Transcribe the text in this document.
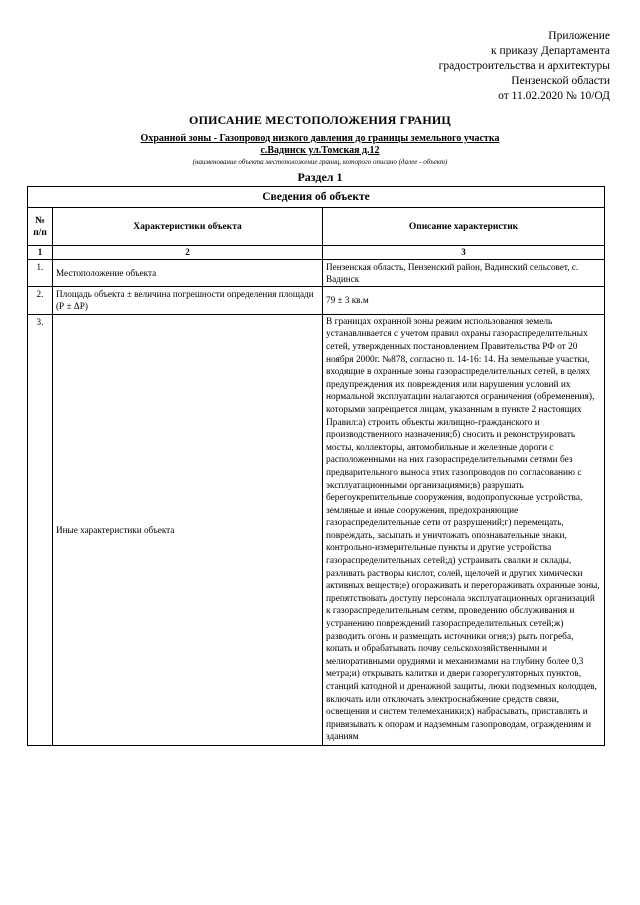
Приложение
к приказу Департамента
градостроительства и архитектуры
Пензенской области
от 11.02.2020 № 10/ОД
ОПИСАНИЕ МЕСТОПОЛОЖЕНИЯ ГРАНИЦ
Охранной зоны - Газопровод низкого давления до границы земельного участка
с.Вадинск ул.Томская д.12
(наименование объекта местоположение границ, которого описано (далее - объект)
Раздел 1
Сведения об объекте		
№ п/п	Характеристики объекта	Описание характеристик
1	2	3
1.	Местоположение объекта	Пензенская область, Пензенский район, Вадинский сельсовет, с. Вадинск
2.	Площадь объекта ± величина погрешности определения площади (Р ± ΔР)	79 ± 3 кв.м
3.	Иные характеристики объекта	В границах охранной зоны режим использования земель устанавливается с учетом правил охраны газораспределительных сетей, утвержденных постановлением Правительства РФ от 20 ноября 2000г. №878, согласно п. 14-16: 14. На земельные участки, входящие в охранные зоны газораспределительных сетей, в целях предупреждения их повреждения или нарушения условий их нормальной эксплуатации налагаются ограничения (обременения), которыми запрещается лицам, указанным в пункте 2 настоящих Правил:а) строить объекты жилищно-гражданского и производственного назначения;б) сносить и реконструировать мосты, коллекторы, автомобильные и железные дороги с расположенными на них газораспределительными сетями без предварительного выноса этих газопроводов по согласованию с эксплуатационными организациями;в) разрушать берегоукрепительные сооружения, водопропускные устройства, земляные и иные сооружения, предохраняющие газораспределительные сети от разрушений;г) перемещать, повреждать, засыпать и уничтожать опознавательные знаки, контрольно-измерительные пункты и другие устройства газораспределительных сетей;д) устраивать свалки и склады, разливать растворы кислот, солей, щелочей и других химически активных веществ;е) огораживать и перегораживать охранные зоны, препятствовать доступу персонала эксплуатационных организаций к газораспределительным сетям, проведению обслуживания и устранению повреждений газораспределительных сетей;ж) разводить огонь и размещать источники огня;з) рыть погреба, копать и обрабатывать почву сельскохозяйственными и мелиоративными орудиями и механизмами на глубину более 0,3 метра;и) открывать калитки и двери газорегуляторных пунктов, станций катодной и дренажной защиты, люки подземных колодцев, включать или отключать электроснабжение средств связи, освещения и систем телемеханики;к) набрасывать, приставлять и привязывать к опорам и надземным газопроводам, ограждениям и зданиям
